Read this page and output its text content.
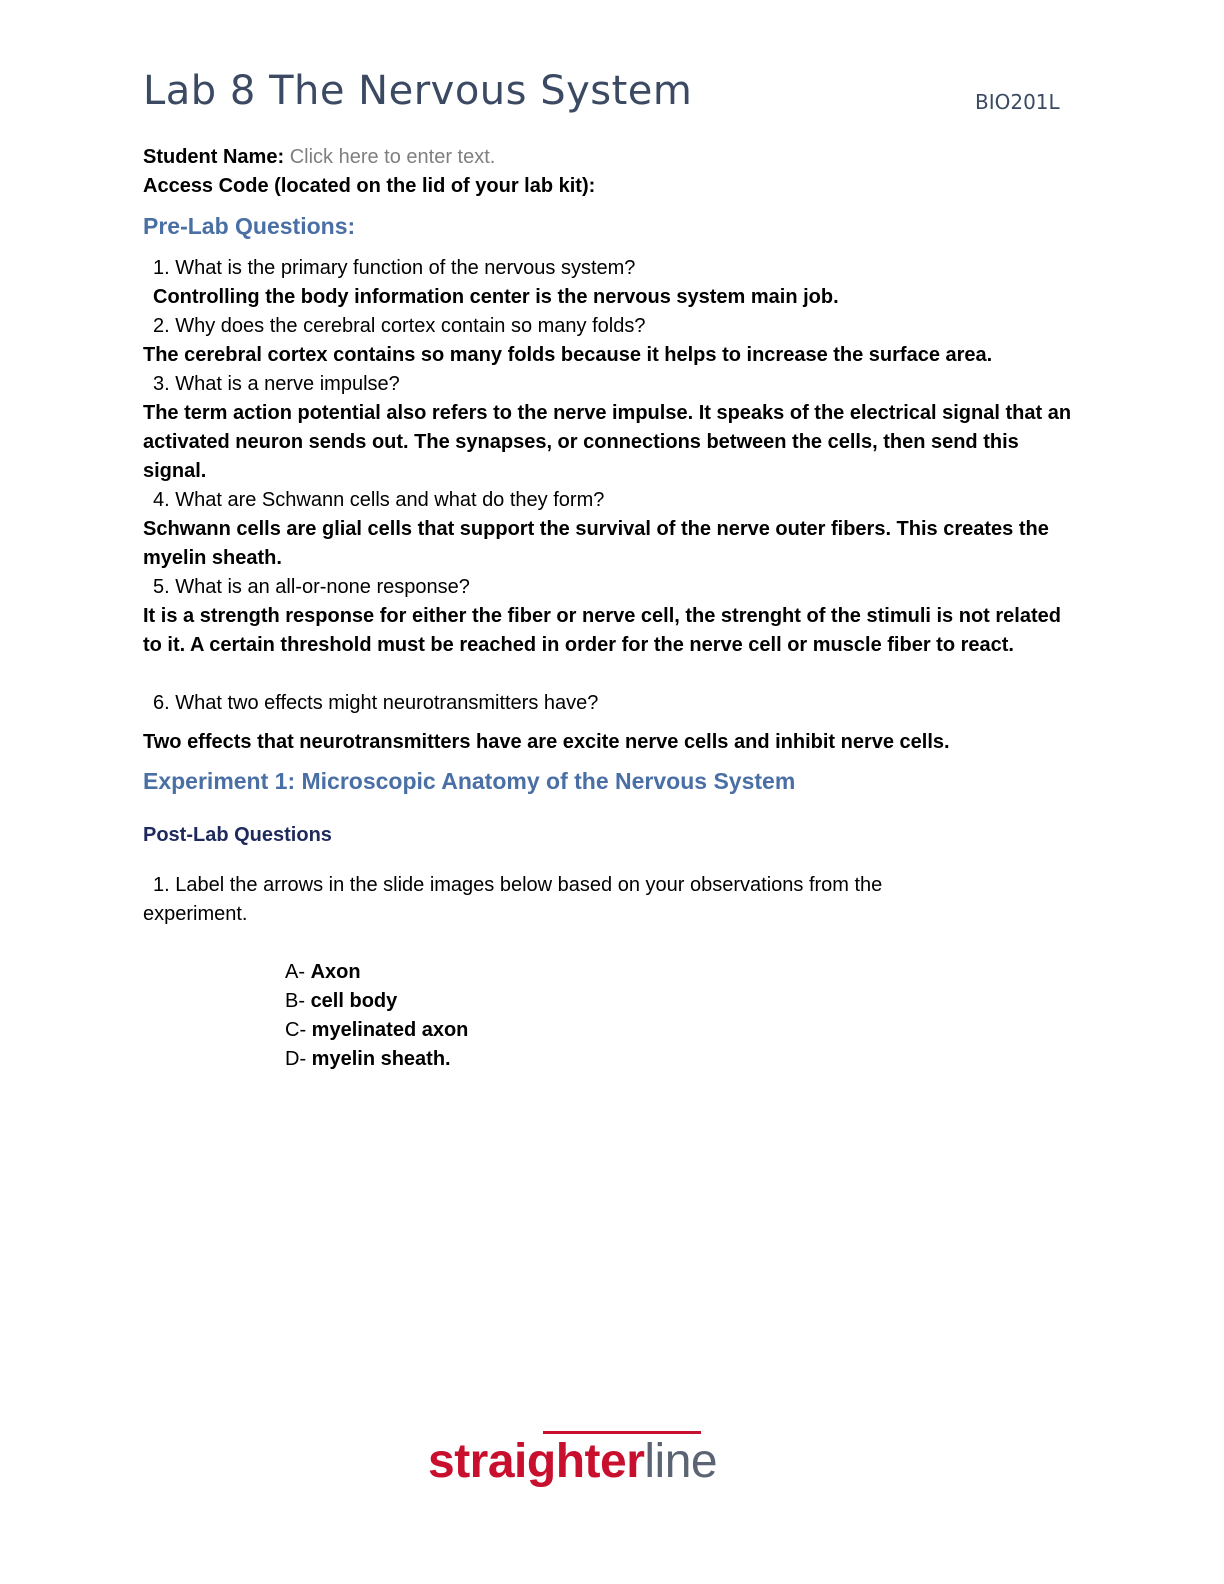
Lab 8 The Nervous System	BIO201L
Student Name: Click here to enter text.
Access Code (located on the lid of your lab kit):
Pre-Lab Questions:
1. What is the primary function of the nervous system?
Controlling the body information center is the nervous system main job.
2. Why does the cerebral cortex contain so many folds?
The cerebral cortex contains so many folds because it helps to increase the surface area.
3. What is a nerve impulse?
The term action potential also refers to the nerve impulse. It speaks of the electrical signal that an activated neuron sends out. The synapses, or connections between the cells, then send this signal.
4. What are Schwann cells and what do they form?
Schwann cells are glial cells that support the survival of the nerve outer fibers. This creates the myelin sheath.
5. What is an all-or-none response?
It is a strength response for either the fiber or nerve cell, the strenght of the stimuli is not related to it. A certain threshold must be reached in order for the nerve cell or muscle fiber to react.
6. What two effects might neurotransmitters have?
Two effects that neurotransmitters have are excite nerve cells and inhibit nerve cells.
Experiment 1: Microscopic Anatomy of the Nervous System
Post-Lab Questions
1. Label the arrows in the slide images below based on your observations from the
experiment.
A- Axon
B- cell body
C- myelinated axon
D- myelin sheath.
straighterline
